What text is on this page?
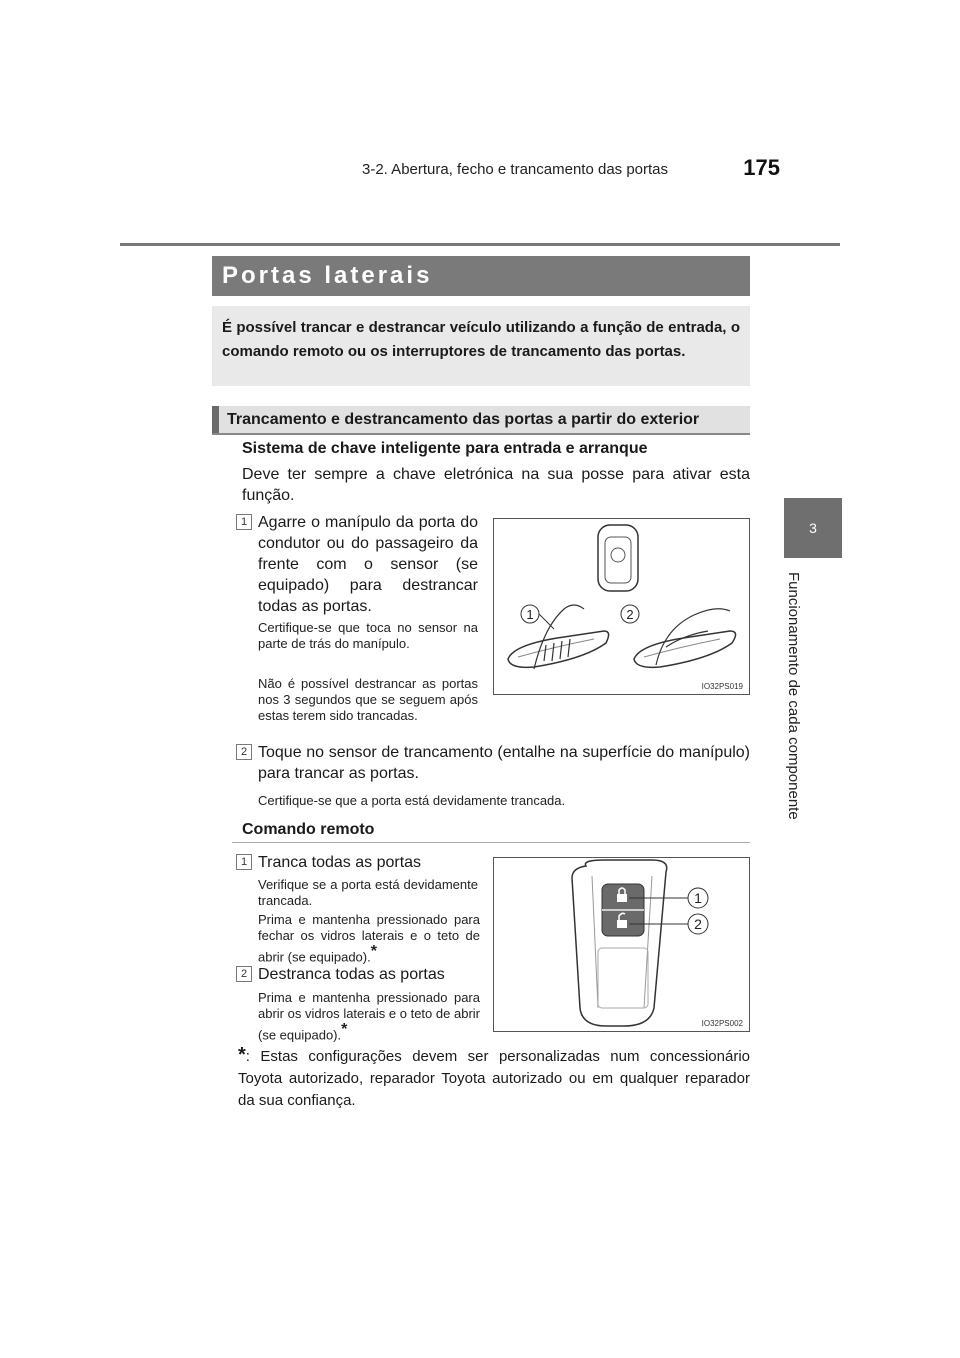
3-2. Abertura, fecho e trancamento das portas	175
3
Funcionamento de cada componente
Portas laterais
É possível trancar e destrancar veículo utilizando a função de entrada, o comando remoto ou os interruptores de trancamento das portas.
Trancamento e destrancamento das portas a partir do exterior
Sistema de chave inteligente para entrada e arranque
Deve ter sempre a chave eletrónica na sua posse para ativar esta função.
1 Agarre o manípulo da porta do condutor ou do passageiro da frente com o sensor (se equipado) para destrancar todas as portas.
Certifique-se que toca no sensor na parte de trás do manípulo.
Não é possível destrancar as portas nos 3 segundos que se seguem após estas terem sido trancadas.
1	2
IO32PS019
2 Toque no sensor de trancamento (entalhe na superfície do manípulo) para trancar as portas.
Certifique-se que a porta está devidamente trancada.
Comando remoto
1 Tranca todas as portas
Verifique se a porta está devidamente trancada.
Prima e mantenha pressionado para fechar os vidros laterais e o teto de abrir (se equipado).*
2 Destranca todas as portas
Prima e mantenha pressionado para abrir os vidros laterais e o teto de abrir (se equipado).*
1
2
IO32PS002
*: Estas configurações devem ser personalizadas num concessionário Toyota autorizado, reparador Toyota autorizado ou em qualquer reparador da sua confiança.
